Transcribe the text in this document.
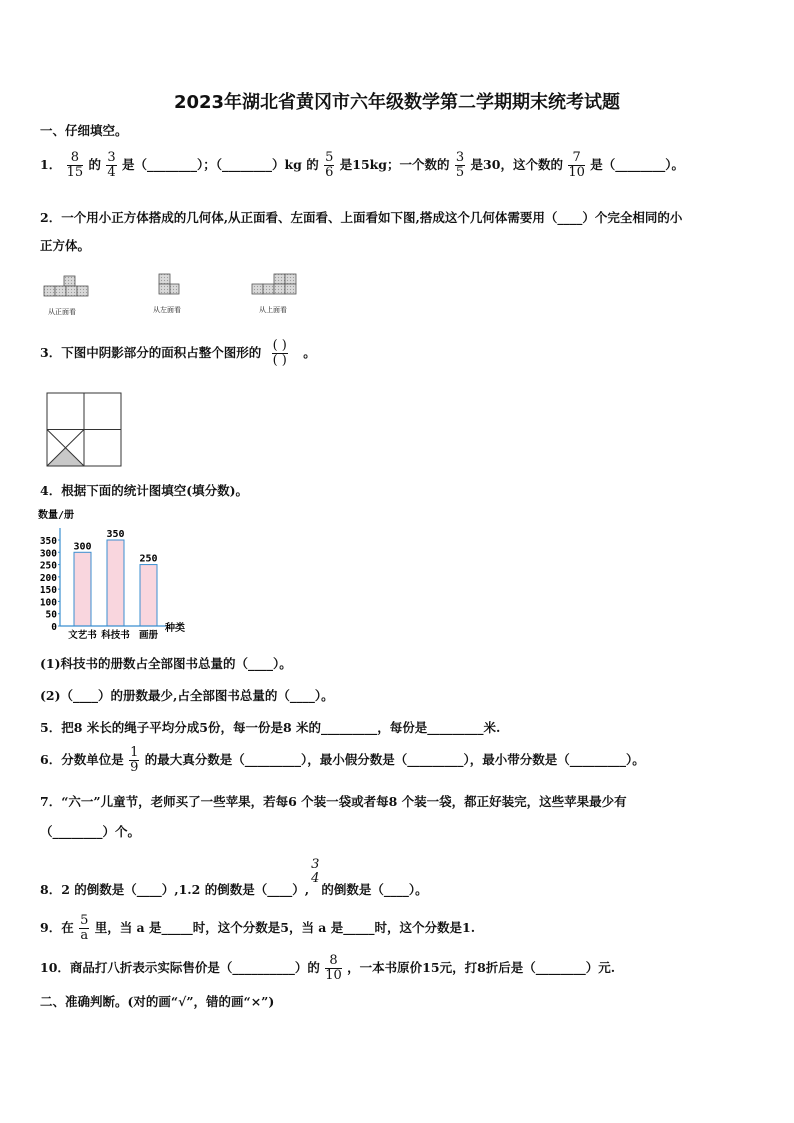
2023年湖北省黄冈市六年级数学第二学期期末统考试题
一、仔细填空。
1． $\frac{8}{15}$ 的 $\frac{3}{4}$ 是（________）；（________）kg 的 $\frac{5}{6}$ 是15kg；一个数的 $\frac{3}{5}$ 是30，这个数的 $\frac{7}{10}$ 是（________）。
2．一个用小正方体搭成的几何体,从正面看、左面看、上面看如下图,搭成这个几何体需要用（____）个完全相同的小
正方体。
从正面看	从左面看	从上面看
3．下图中阴影部分的面积占整个图形的 $\frac{( )}{( )}$ 。
4．根据下面的统计图填空(填分数)。
数量/册
350
300
250
200
150
100
50
0
300
文艺书
350
科技书
250
画册
种类
(1)科技书的册数占全部图书总量的（____）。
(2)（____）的册数最少,占全部图书总量的（____）。
5．把8 米长的绳子平均分成5份，每一份是8 米的_________，每份是_________米.
6．分数单位是 $\frac{1}{9}$ 的最大真分数是（_________），最小假分数是（_________），最小带分数是（_________）。
7．“六一”儿童节，老师买了一些苹果，若每6 个装一袋或者每8 个装一袋，都正好装完，这些苹果最少有
（________）个。
8．2 的倒数是（____）,1.2 的倒数是（____）,
3
4
的倒数是（____）。
9．在 $\frac{5}{a}$ 里，当 a 是_____时，这个分数是5，当 a 是_____时，这个分数是1.
10．商品打八折表示实际售价是（__________）的 $\frac{8}{10}$ ，一本书原价15元，打8折后是（________）元.
二、准确判断。(对的画“√”，错的画“×”)
